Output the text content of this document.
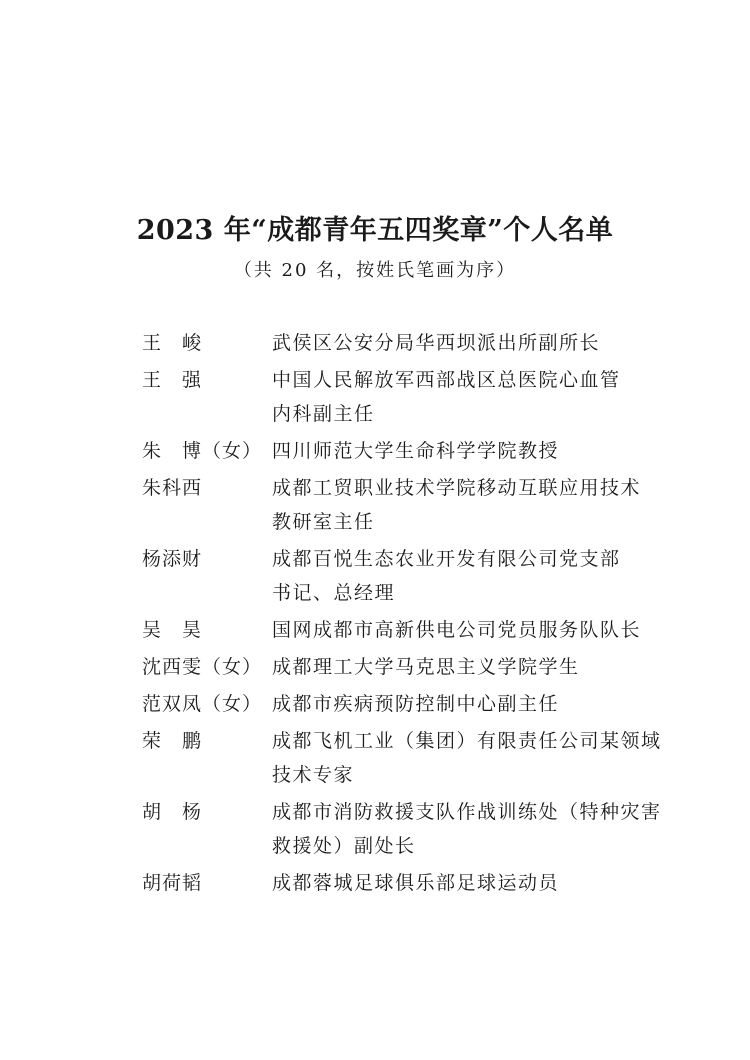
2023 年“成都青年五四奖章”个人名单
（共 20 名，按姓氏笔画为序）
王　峻	武侯区公安分局华西坝派出所副所长
王　强	中国人民解放军西部战区总医院心血管
内科副主任
朱　博（女） 四川师范大学生命科学学院教授
朱科西	成都工贸职业技术学院移动互联应用技术
教研室主任
杨添财	成都百悦生态农业开发有限公司党支部
书记、总经理
吴　昊	国网成都市高新供电公司党员服务队队长
沈西雯（女） 成都理工大学马克思主义学院学生
范双凤（女） 成都市疾病预防控制中心副主任
荣　鹏	成都飞机工业（集团）有限责任公司某领域
技术专家
胡　杨	成都市消防救援支队作战训练处（特种灾害
救援处）副处长
胡荷韬	成都蓉城足球俱乐部足球运动员
